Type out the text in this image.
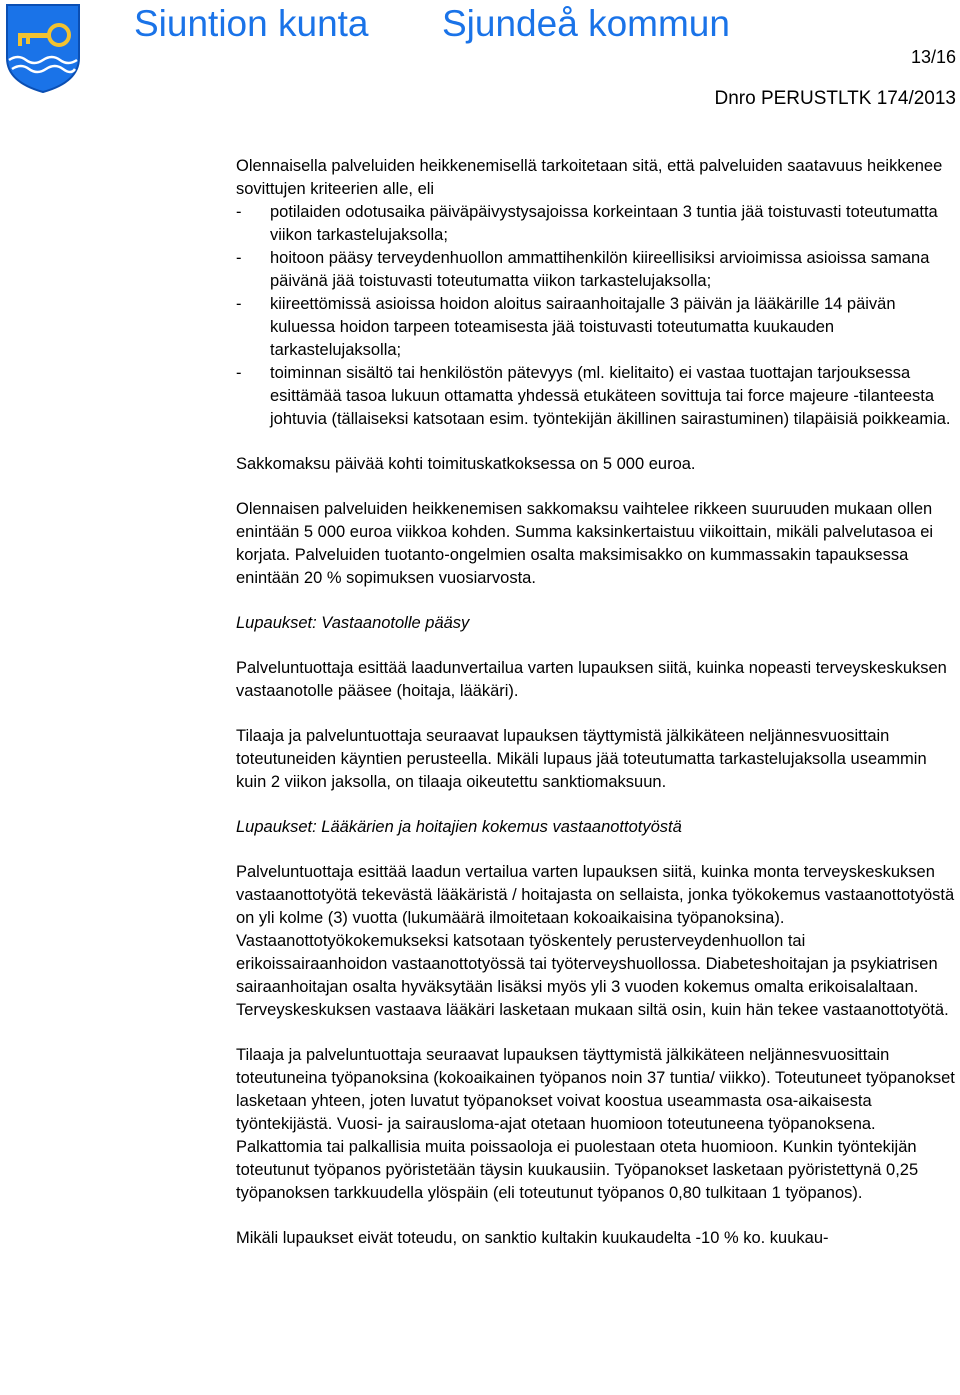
Siuntion kunta Sjundeå kommun
13/16
Dnro PERUSTLTK 174/2013

Olennaisella palveluiden heikkenemisellä tarkoitetaan sitä, että palveluiden saatavuus heikkenee sovittujen kriteerien alle, eli

- potilaiden odotusaika päiväpäivystysajoissa korkeintaan 3 tuntia jää toistuvasti toteutumatta viikon tarkastelujaksolla;
- hoitoon pääsy terveydenhuollon ammattihenkilön kiireellisiksi arvioimissa asioissa samana päivänä jää toistuvasti toteutumatta viikon tarkastelujaksolla;
- kiireettömissä asioissa hoidon aloitus sairaanhoitajalle 3 päivän ja lääkärille 14 päivän kuluessa hoidon tarpeen toteamisesta jää toistuvasti toteutumatta kuukauden tarkastelujaksolla;
- toiminnan sisältö tai henkilöstön pätevyys (ml. kielitaito) ei vastaa tuottajan tarjouksessa esittämää tasoa lukuun ottamatta yhdessä etukäteen sovittuja tai force majeure -tilanteesta johtuvia (tällaiseksi katsotaan esim. työntekijän äkillinen sairastuminen) tilapäisiä poikkeamia.

Sakkomaksu päivää kohti toimituskatkoksessa on 5 000 euroa.

Olennaisen palveluiden heikkenemisen sakkomaksu vaihtelee rikkeen suuruuden mukaan ollen enintään 5 000 euroa viikkoa kohden. Summa kaksinkertaistuu viikoittain, mikäli palvelutasoa ei korjata. Palveluiden tuotanto-ongelmien osalta maksimisakko on kummassakin tapauksessa enintään 20 % sopimuksen vuosiarvosta.

Lupaukset: Vastaanotolle pääsy

Palveluntuottaja esittää laadunvertailua varten lupauksen siitä, kuinka nopeasti terveyskeskuksen vastaanotolle pääsee (hoitaja, lääkäri).

Tilaaja ja palveluntuottaja seuraavat lupauksen täyttymistä jälkikäteen neljännesvuosittain toteutuneiden käyntien perusteella. Mikäli lupaus jää toteutumatta tarkastelujaksolla useammin kuin 2 viikon jaksolla, on tilaaja oikeutettu sanktiomaksuun.

Lupaukset: Lääkärien ja hoitajien kokemus vastaanottotyöstä

Palveluntuottaja esittää laadun vertailua varten lupauksen siitä, kuinka monta terveyskeskuksen vastaanottotyötä tekevästä lääkäristä / hoitajasta on sellaista, jonka työkokemus vastaanottotyöstä on yli kolme (3) vuotta (lukumäärä ilmoitetaan kokoaikaisina työpanoksina). Vastaanottotyökokemukseksi katsotaan työskentely perusterveydenhuollon tai erikoissairaanhoidon vastaanottotyössä tai työterveyshuollossa. Diabeteshoitajan ja psykiatrisen sairaanhoitajan osalta hyväksytään lisäksi myös yli 3 vuoden kokemus omalta erikoisalaltaan. Terveyskeskuksen vastaava lääkäri lasketaan mukaan siltä osin, kuin hän tekee vastaanottotyötä.

Tilaaja ja palveluntuottaja seuraavat lupauksen täyttymistä jälkikäteen neljännesvuosittain toteutuneina työpanoksina (kokoaikainen työpanos noin 37 tuntia/ viikko). Toteutuneet työpanokset lasketaan yhteen, joten luvatut työpanokset voivat koostua useammasta osa-aikaisesta työntekijästä. Vuosi- ja sairausloma-ajat otetaan huomioon toteutuneena työpanoksena. Palkattomia tai palkallisia muita poissaoloja ei puolestaan oteta huomioon. Kunkin työntekijän toteutunut työpanos pyöristetään täysin kuukausiin. Työpanokset lasketaan pyöristettynä 0,25 työpanoksen tarkkuudella ylöspäin (eli toteutunut työpanos 0,80 tulkitaan 1 työpanos).

Mikäli lupaukset eivät toteudu, on sanktio kultakin kuukaudelta -10 % ko. kuukau-
